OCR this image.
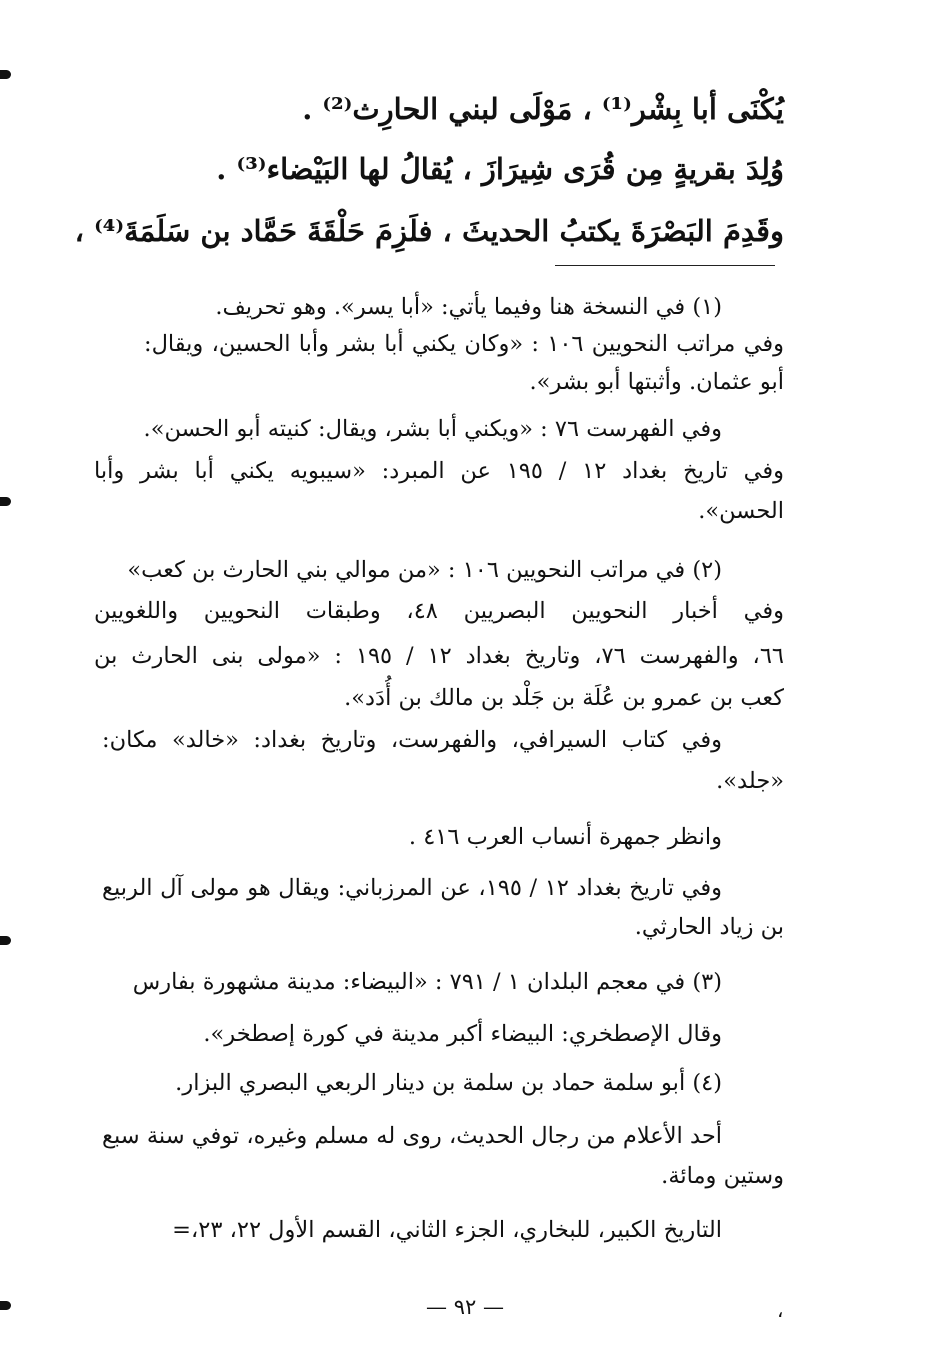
يُكْنَى أبا بِشْر⁽¹⁾ ، مَوْلَى لبني الحارِث⁽²⁾ .
وُلِدَ بقريةٍ مِن قُرَى شِيرَازَ ، يُقالُ لها البَيْضاء⁽³⁾ .
وقَدِمَ البَصْرَةَ يكتبُ الحديثَ ، فلَزِمَ حَلْقَةَ حَمَّاد بن سَلَمَةَ⁽⁴⁾ ،
(١) في النسخة هنا وفيما يأتي: «أبا يسر». وهو تحريف.
وفي مراتب النحويين ١٠٦ : «وكان يكني أبا بشر وأبا الحسين، ويقال:
أبو عثمان. وأثبتها أبو بشر».
وفي الفهرست ٧٦ : «ويكني أبا بشر، ويقال: كنيته أبو الحسن».
وفي تاريخ بغداد ١٢ / ١٩٥ عن المبرد: «سيبويه يكني أبا بشر وأبا
الحسن».
(٢) في مراتب النحويين ١٠٦ : «من موالي بني الحارث بن كعب»
وفي أخبار النحويين البصريين ٤٨، وطبقات النحويين واللغويين
٦٦، والفهرست ٧٦، وتاريخ بغداد ١٢ / ١٩٥ : «مولى بنى الحارث بن
كعب بن عمرو بن عُلَة بن جَلْد بن مالك بن أُدَد».
وفي كتاب السيرافي، والفهرست، وتاريخ بغداد: «خالد» مكان:
«جلد».
وانظر جمهرة أنساب العرب ٤١٦ .
وفي تاريخ بغداد ١٢ / ١٩٥، عن المرزباني: ويقال هو مولى آل الربيع
بن زياد الحارثي.
(٣) في معجم البلدان ١ / ٧٩١ : «البيضاء: مدينة مشهورة بفارس
وقال الإصطخري: البيضاء أكبر مدينة في كورة إصطخر».
(٤) أبو سلمة حماد بن سلمة بن دينار الربعي البصري البزار.
أحد الأعلام من رجال الحديث، روى له مسلم وغيره، توفي سنة سبع
وستين ومائة.
التاريخ الكبير، للبخاري، الجزء الثاني، القسم الأول ٢٢، ٢٣،=
— ٩٢ —	،
